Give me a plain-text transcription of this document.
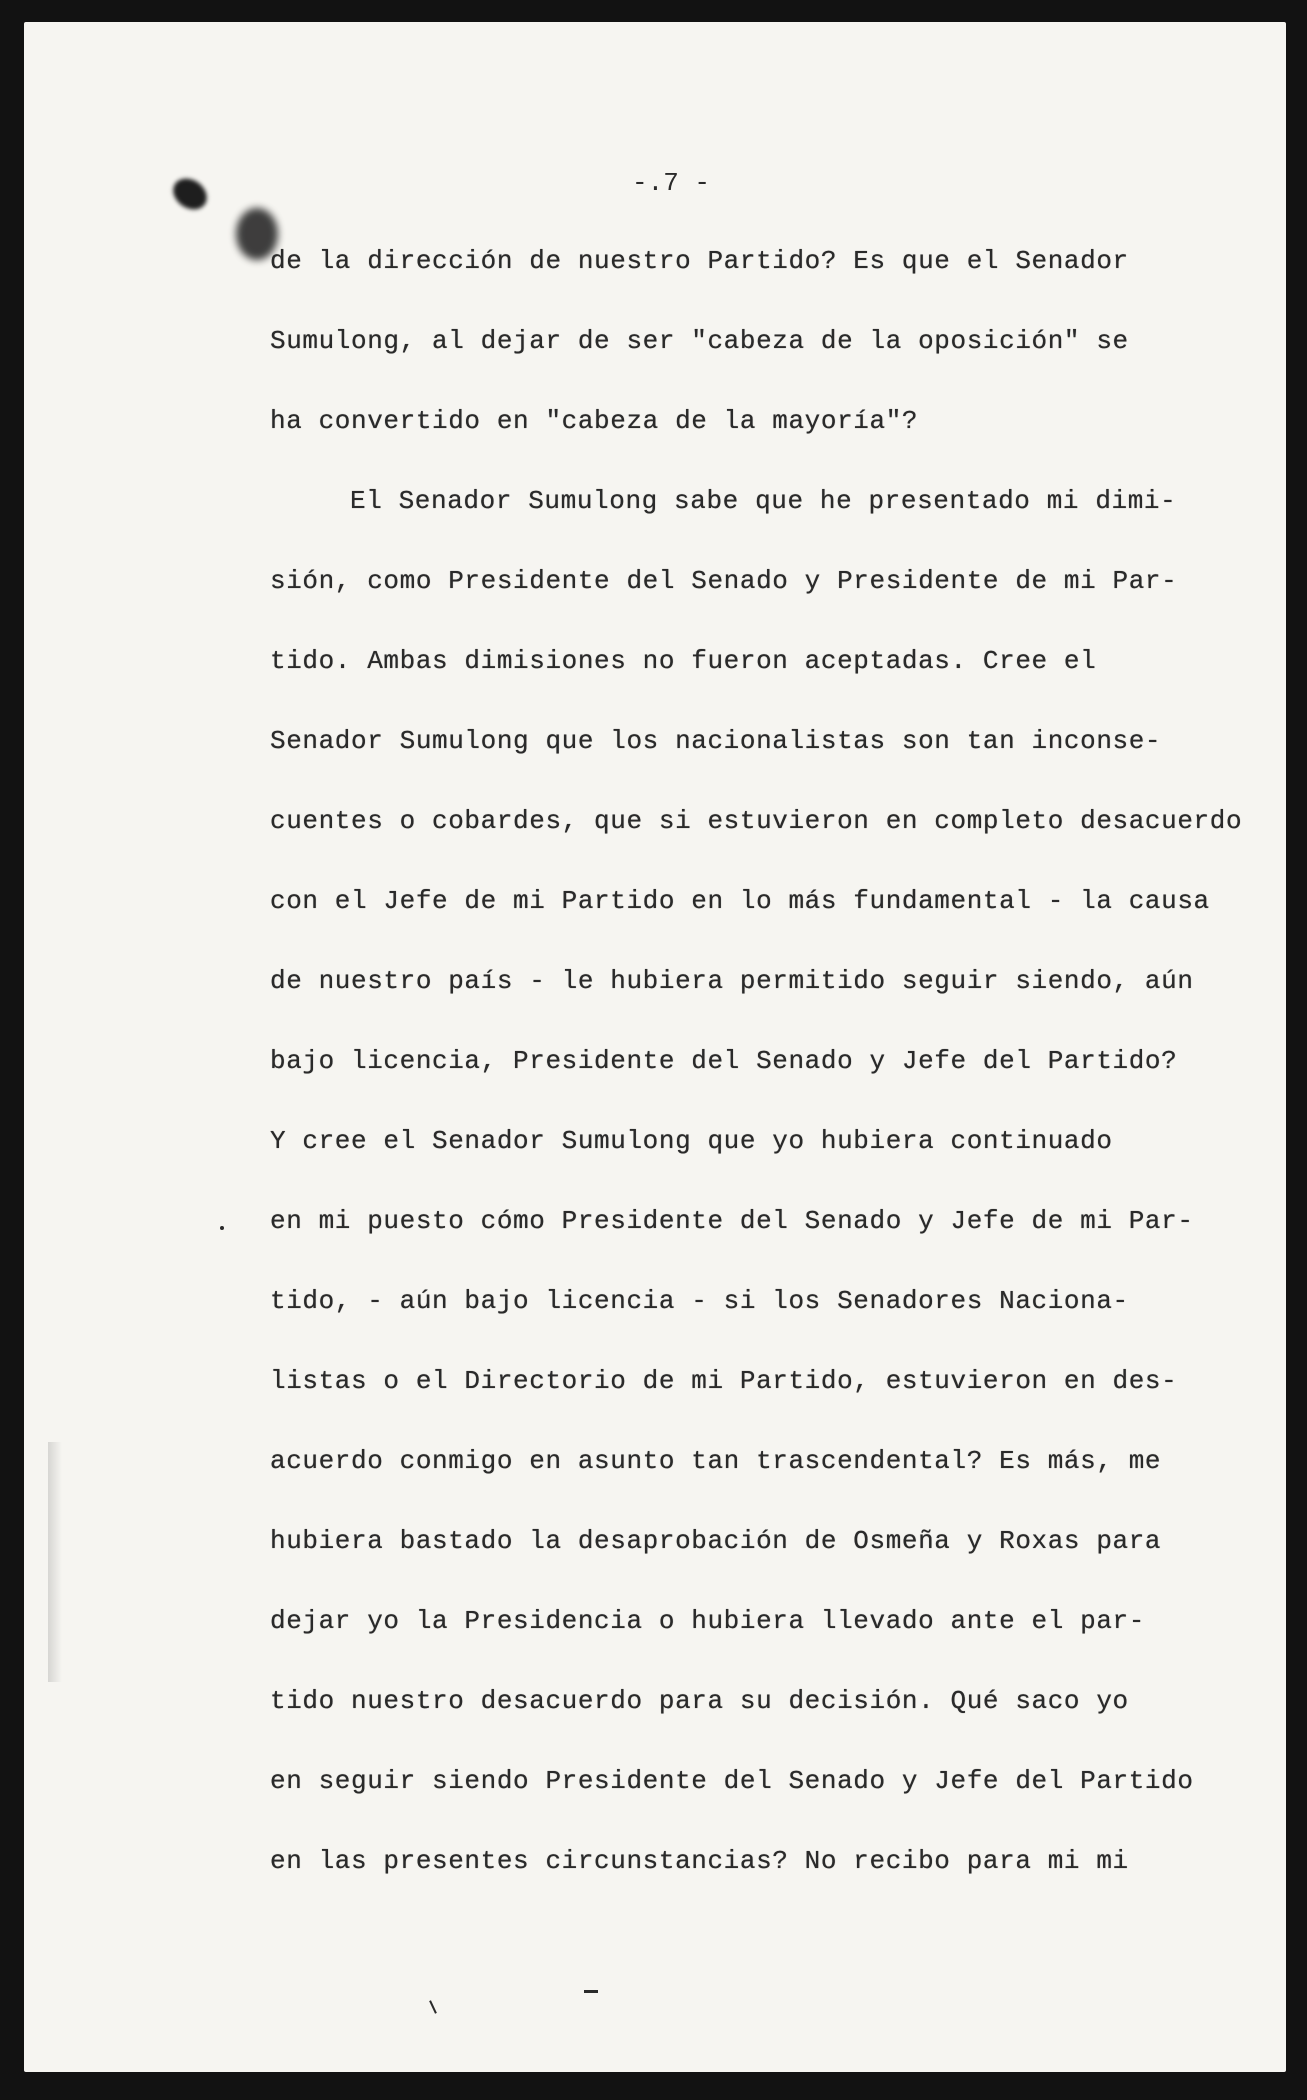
-.7 -
de la dirección de nuestro Partido? Es que el Senador
Sumulong, al dejar de ser "cabeza de la oposición" se
ha convertido en "cabeza de la mayoría"?
El Senador Sumulong sabe que he presentado mi dimi-
sión, como Presidente del Senado y Presidente de mi Par-
tido. Ambas dimisiones no fueron aceptadas. Cree el
Senador Sumulong que los nacionalistas son tan inconse-
cuentes o cobardes, que si estuvieron en completo desacuerdo
con el Jefe de mi Partido en lo más fundamental - la causa
de nuestro país - le hubiera permitido seguir siendo, aún
bajo licencia, Presidente del Senado y Jefe del Partido?
Y cree el Senador Sumulong que yo hubiera continuado
en mi puesto cómo Presidente del Senado y Jefe de mi Par-
tido, - aún bajo licencia - si los Senadores Naciona-
listas o el Directorio de mi Partido, estuvieron en des-
acuerdo conmigo en asunto tan trascendental? Es más, me
hubiera bastado la desaprobación de Osmeña y Roxas para
dejar yo la Presidencia o hubiera llevado ante el par-
tido nuestro desacuerdo para su decisión. Qué saco yo
en seguir siendo Presidente del Senado y Jefe del Partido
en las presentes circunstancias? No recibo para mi mi
